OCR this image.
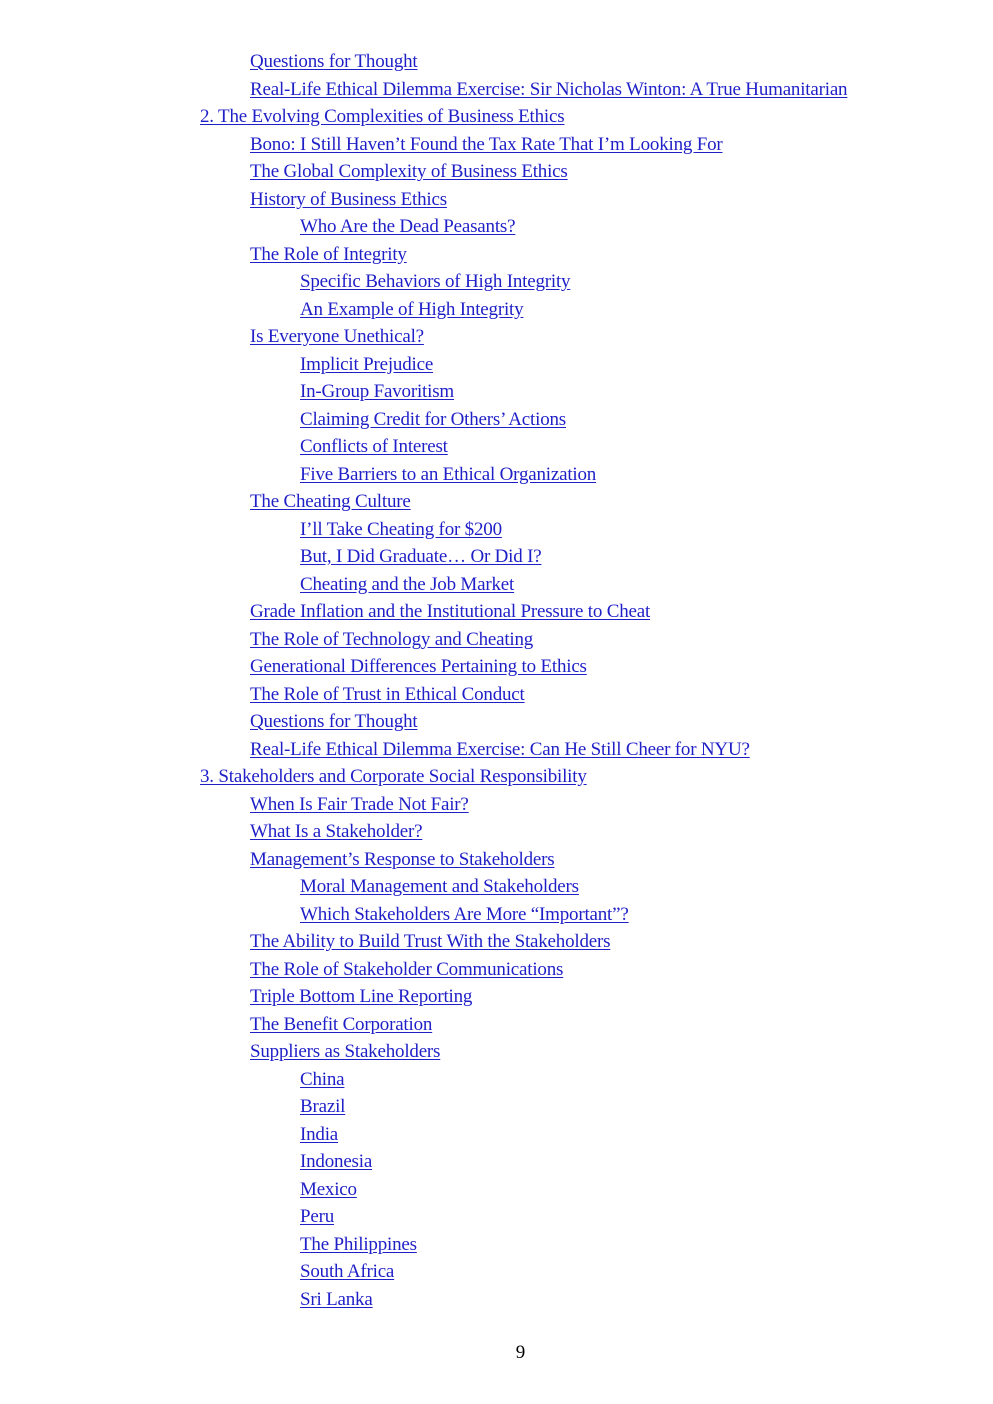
Questions for Thought
Real-Life Ethical Dilemma Exercise: Sir Nicholas Winton: A True Humanitarian
2. The Evolving Complexities of Business Ethics
Bono: I Still Haven’t Found the Tax Rate That I’m Looking For
The Global Complexity of Business Ethics
History of Business Ethics
Who Are the Dead Peasants?
The Role of Integrity
Specific Behaviors of High Integrity
An Example of High Integrity
Is Everyone Unethical?
Implicit Prejudice
In-Group Favoritism
Claiming Credit for Others’ Actions
Conflicts of Interest
Five Barriers to an Ethical Organization
The Cheating Culture
I’ll Take Cheating for $200
But, I Did Graduate… Or Did I?
Cheating and the Job Market
Grade Inflation and the Institutional Pressure to Cheat
The Role of Technology and Cheating
Generational Differences Pertaining to Ethics
The Role of Trust in Ethical Conduct
Questions for Thought
Real-Life Ethical Dilemma Exercise: Can He Still Cheer for NYU?
3. Stakeholders and Corporate Social Responsibility
When Is Fair Trade Not Fair?
What Is a Stakeholder?
Management’s Response to Stakeholders
Moral Management and Stakeholders
Which Stakeholders Are More “Important”?
The Ability to Build Trust With the Stakeholders
The Role of Stakeholder Communications
Triple Bottom Line Reporting
The Benefit Corporation
Suppliers as Stakeholders
China
Brazil
India
Indonesia
Mexico
Peru
The Philippines
South Africa
Sri Lanka
9
